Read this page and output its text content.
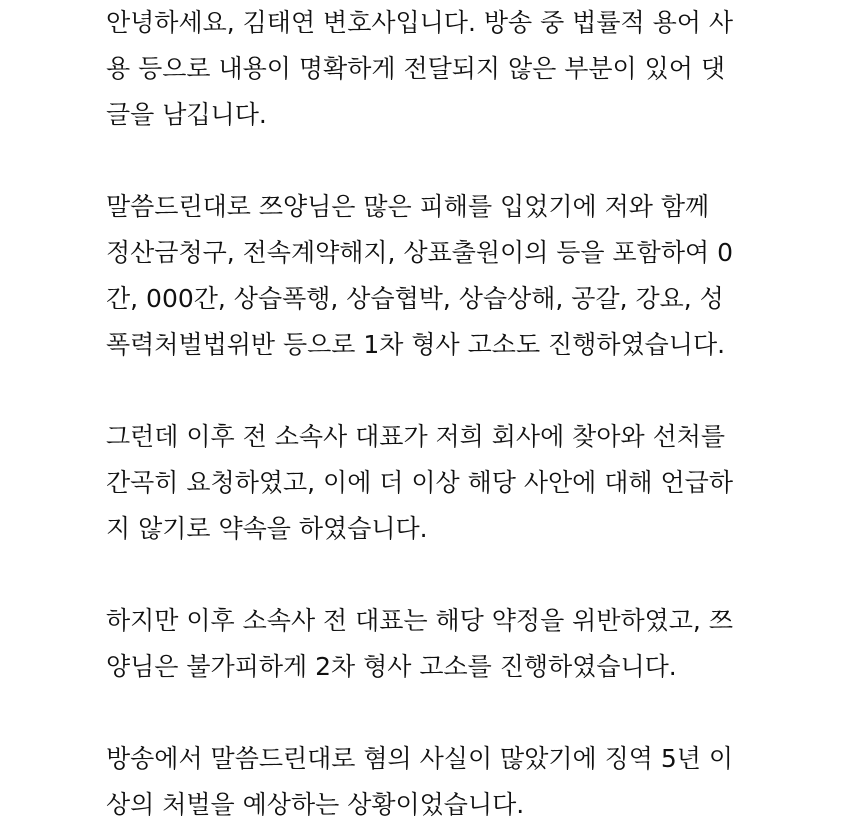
안녕하세요, 김태연 변호사입니다. 방송 중 법률적 용어 사
용 등으로 내용이 명확하게 전달되지 않은 부분이 있어 댓
글을 남깁니다.
말씀드린대로 쯔양님은 많은 피해를 입었기에 저와 함께
정산금청구, 전속계약해지, 상표출원이의 등을 포함하여 0
간, 000간, 상습폭행, 상습협박, 상습상해, 공갈, 강요, 성
폭력처벌법위반 등으로 1차 형사 고소도 진행하였습니다.
그런데 이후 전 소속사 대표가 저희 회사에 찾아와 선처를
간곡히 요청하였고, 이에 더 이상 해당 사안에 대해 언급하
지 않기로 약속을 하였습니다.
하지만 이후 소속사 전 대표는 해당 약정을 위반하였고, 쯔
양님은 불가피하게 2차 형사 고소를 진행하였습니다.
방송에서 말씀드린대로 혐의 사실이 많았기에 징역 5년 이
상의 처벌을 예상하는 상황이었습니다.
